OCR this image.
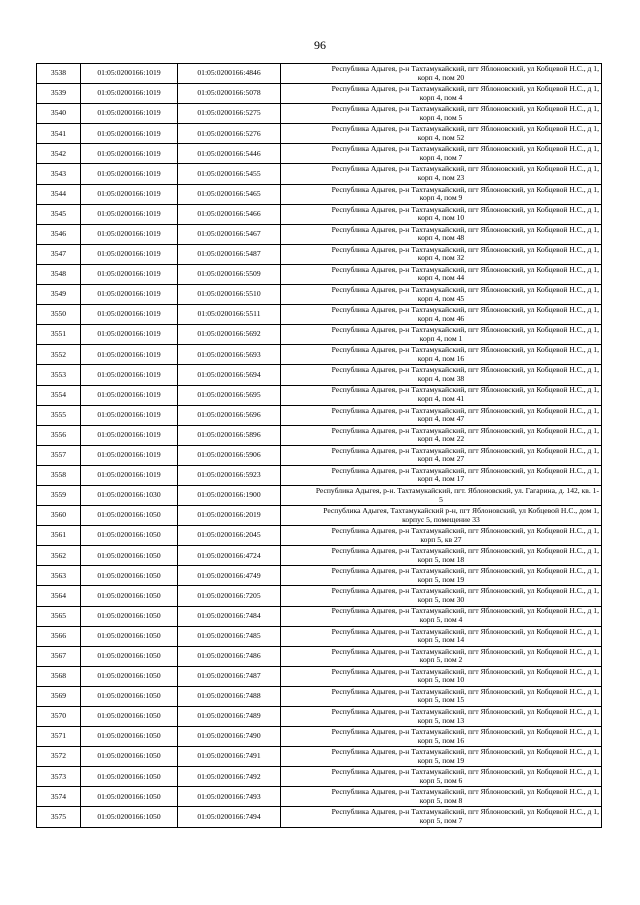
96
3538	01:05:0200166:1019	01:05:0200166:4846	Республика Адыгея, р-н Тахтамукайский, пгт Яблоновский, ул Кобцевой Н.С., д 1,
корп 4, пом 20

3539	01:05:0200166:1019	01:05:0200166:5078	Республика Адыгея, р-н Тахтамукайский, пгт Яблоновский, ул Кобцевой Н.С., д 1,
корп 4, пом 4

3540	01:05:0200166:1019	01:05:0200166:5275	Республика Адыгея, р-н Тахтамукайский, пгт Яблоновский, ул Кобцевой Н.С., д 1,
корп 4, пом 5

3541	01:05:0200166:1019	01:05:0200166:5276	Республика Адыгея, р-н Тахтамукайский, пгт Яблоновский, ул Кобцевой Н.С., д 1,
корп 4, пом 52

3542	01:05:0200166:1019	01:05:0200166:5446	Республика Адыгея, р-н Тахтамукайский, пгт Яблоновский, ул Кобцевой Н.С., д 1,
корп 4, пом 7

3543	01:05:0200166:1019	01:05:0200166:5455	Республика Адыгея, р-н Тахтамукайский, пгт Яблоновский, ул Кобцевой Н.С., д 1,
корп 4, пом 23

3544	01:05:0200166:1019	01:05:0200166:5465	Республика Адыгея, р-н Тахтамукайский, пгт Яблоновский, ул Кобцевой Н.С., д 1,
корп 4, пом 9

3545	01:05:0200166:1019	01:05:0200166:5466	Республика Адыгея, р-н Тахтамукайский, пгт Яблоновский, ул Кобцевой Н.С., д 1,
корп 4, пом 10

3546	01:05:0200166:1019	01:05:0200166:5467	Республика Адыгея, р-н Тахтамукайский, пгт Яблоновский, ул Кобцевой Н.С., д 1,
корп 4, пом 48

3547	01:05:0200166:1019	01:05:0200166:5487	Республика Адыгея, р-н Тахтамукайский, пгт Яблоновский, ул Кобцевой Н.С., д 1,
корп 4, пом 32

3548	01:05:0200166:1019	01:05:0200166:5509	Республика Адыгея, р-н Тахтамукайский, пгт Яблоновский, ул Кобцевой Н.С., д 1,
корп 4, пом 44

3549	01:05:0200166:1019	01:05:0200166:5510	Республика Адыгея, р-н Тахтамукайский, пгт Яблоновский, ул Кобцевой Н.С., д 1,
корп 4, пом 45

3550	01:05:0200166:1019	01:05:0200166:5511	Республика Адыгея, р-н Тахтамукайский, пгт Яблоновский, ул Кобцевой Н.С., д 1,
корп 4, пом 46

3551	01:05:0200166:1019	01:05:0200166:5692	Республика Адыгея, р-н Тахтамукайский, пгт Яблоновский, ул Кобцевой Н.С., д 1,
корп 4, пом 1

3552	01:05:0200166:1019	01:05:0200166:5693	Республика Адыгея, р-н Тахтамукайский, пгт Яблоновский, ул Кобцевой Н.С., д 1,
корп 4, пом 16

3553	01:05:0200166:1019	01:05:0200166:5694	Республика Адыгея, р-н Тахтамукайский, пгт Яблоновский, ул Кобцевой Н.С., д 1,
корп 4, пом 38

3554	01:05:0200166:1019	01:05:0200166:5695	Республика Адыгея, р-н Тахтамукайский, пгт Яблоновский, ул Кобцевой Н.С., д 1,
корп 4, пом 41

3555	01:05:0200166:1019	01:05:0200166:5696	Республика Адыгея, р-н Тахтамукайский, пгт Яблоновский, ул Кобцевой Н.С., д 1,
корп 4, пом 47

3556	01:05:0200166:1019	01:05:0200166:5896	Республика Адыгея, р-н Тахтамукайский, пгт Яблоновский, ул Кобцевой Н.С., д 1,
корп 4, пом 22

3557	01:05:0200166:1019	01:05:0200166:5906	Республика Адыгея, р-н Тахтамукайский, пгт Яблоновский, ул Кобцевой Н.С., д 1,
корп 4, пом 27

3558	01:05:0200166:1019	01:05:0200166:5923	Республика Адыгея, р-н Тахтамукайский, пгт Яблоновский, ул Кобцевой Н.С., д 1,
корп 4, пом 17

3559	01:05:0200166:1030	01:05:0200166:1900	Республика Адыгея, р-н. Тахтамукайский, пгт. Яблоновский, ул. Гагарина, д. 142, кв. 1-
5

3560	01:05:0200166:1050	01:05:0200166:2019	Республика Адыгея, Тахтамукайский р-н, пгт Яблоновский, ул Кобцевой Н.С., дом 1,
корпус 5, помещение 33

3561	01:05:0200166:1050	01:05:0200166:2045	Республика Адыгея, р-н Тахтамукайский, пгт Яблоновский, ул Кобцевой Н.С., д 1,
корп 5, кв 27

3562	01:05:0200166:1050	01:05:0200166:4724	Республика Адыгея, р-н Тахтамукайский, пгт Яблоновский, ул Кобцевой Н.С., д 1,
корп 5, пом 18

3563	01:05:0200166:1050	01:05:0200166:4749	Республика Адыгея, р-н Тахтамукайский, пгт Яблоновский, ул Кобцевой Н.С., д 1,
корп 5, пом 19

3564	01:05:0200166:1050	01:05:0200166:7205	Республика Адыгея, р-н Тахтамукайский, пгт Яблоновский, ул Кобцевой Н.С., д 1,
корп 5, пом 30

3565	01:05:0200166:1050	01:05:0200166:7484	Республика Адыгея, р-н Тахтамукайский, пгт Яблоновский, ул Кобцевой Н.С., д 1,
корп 5, пом 4

3566	01:05:0200166:1050	01:05:0200166:7485	Республика Адыгея, р-н Тахтамукайский, пгт Яблоновский, ул Кобцевой Н.С., д 1,
корп 5, пом 14

3567	01:05:0200166:1050	01:05:0200166:7486	Республика Адыгея, р-н Тахтамукайский, пгт Яблоновский, ул Кобцевой Н.С., д 1,
корп 5, пом 2

3568	01:05:0200166:1050	01:05:0200166:7487	Республика Адыгея, р-н Тахтамукайский, пгт Яблоновский, ул Кобцевой Н.С., д 1,
корп 5, пом 10

3569	01:05:0200166:1050	01:05:0200166:7488	Республика Адыгея, р-н Тахтамукайский, пгт Яблоновский, ул Кобцевой Н.С., д 1,
корп 5, пом 15

3570	01:05:0200166:1050	01:05:0200166:7489	Республика Адыгея, р-н Тахтамукайский, пгт Яблоновский, ул Кобцевой Н.С., д 1,
корп 5, пом 13

3571	01:05:0200166:1050	01:05:0200166:7490	Республика Адыгея, р-н Тахтамукайский, пгт Яблоновский, ул Кобцевой Н.С., д 1,
корп 5, пом 16

3572	01:05:0200166:1050	01:05:0200166:7491	Республика Адыгея, р-н Тахтамукайский, пгт Яблоновский, ул Кобцевой Н.С., д 1,
корп 5, пом 19

3573	01:05:0200166:1050	01:05:0200166:7492	Республика Адыгея, р-н Тахтамукайский, пгт Яблоновский, ул Кобцевой Н.С., д 1,
корп 5, пом 6

3574	01:05:0200166:1050	01:05:0200166:7493	Республика Адыгея, р-н Тахтамукайский, пгт Яблоновский, ул Кобцевой Н.С., д 1,
корп 5, пом 8

3575	01:05:0200166:1050	01:05:0200166:7494	Республика Адыгея, р-н Тахтамукайский, пгт Яблоновский, ул Кобцевой Н.С., д 1,
корп 5, пом 7
